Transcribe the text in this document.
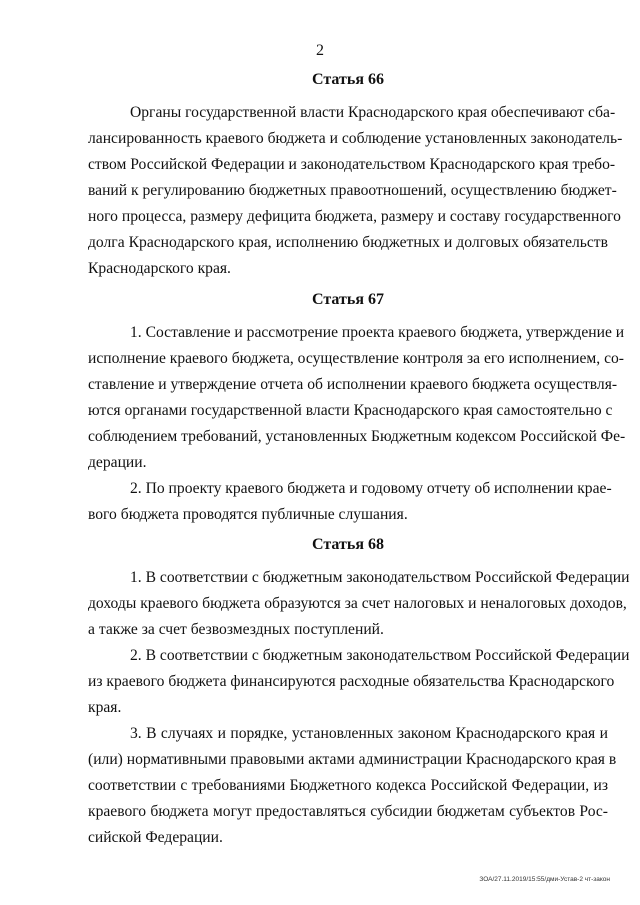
2
Статья 66
Органы государственной власти Краснодарского края обеспечивают сба-
лансированность краевого бюджета и соблюдение установленных законодатель-
ством Российской Федерации и законодательством Краснодарского края требо-
ваний к регулированию бюджетных правоотношений, осуществлению бюджет-
ного процесса, размеру дефицита бюджета, размеру и составу государственного
долга Краснодарского края, исполнению бюджетных и долговых обязательств
Краснодарского края.
Статья 67
1. Составление и рассмотрение проекта краевого бюджета, утверждение и
исполнение краевого бюджета, осуществление контроля за его исполнением, со-
ставление и утверждение отчета об исполнении краевого бюджета осуществля-
ются органами государственной власти Краснодарского края самостоятельно с
соблюдением требований, установленных Бюджетным кодексом Российской Фе-
дерации.
2. По проекту краевого бюджета и годовому отчету об исполнении крае-
вого бюджета проводятся публичные слушания.
Статья 68
1. В соответствии с бюджетным законодательством Российской Федерации
доходы краевого бюджета образуются за счет налоговых и неналоговых доходов,
а также за счет безвозмездных поступлений.
2. В соответствии с бюджетным законодательством Российской Федерации
из краевого бюджета финансируются расходные обязательства Краснодарского
края.
3. В случаях и порядке, установленных законом Краснодарского края и
(или) нормативными правовыми актами администрации Краснодарского края в
соответствии с требованиями Бюджетного кодекса Российской Федерации, из
краевого бюджета могут предоставляться субсидии бюджетам субъектов Рос-
сийской Федерации.
ЗОА/27.11.2019/15:55/дми-Устав-2 чт-закон
